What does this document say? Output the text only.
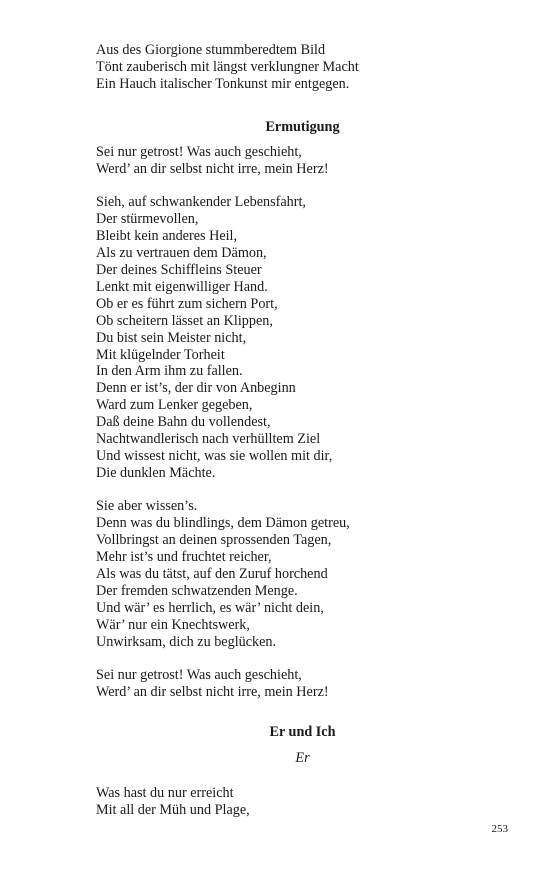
Aus des Giorgione stummberedtem Bild
Tönt zauberisch mit längst verklungner Macht
Ein Hauch italischer Tonkunst mir entgegen.
Ermutigung
Sei nur getrost! Was auch geschieht,
Werd’ an dir selbst nicht irre, mein Herz!
Sieh, auf schwankender Lebensfahrt,
Der stürmevollen,
Bleibt kein anderes Heil,
Als zu vertrauen dem Dämon,
Der deines Schiffleins Steuer
Lenkt mit eigenwilliger Hand.
Ob er es führt zum sichern Port,
Ob scheitern lässet an Klippen,
Du bist sein Meister nicht,
Mit klügelnder Torheit
In den Arm ihm zu fallen.
Denn er ist’s, der dir von Anbeginn
Ward zum Lenker gegeben,
Daß deine Bahn du vollendest,
Nachtwandlerisch nach verhülltem Ziel
Und wissest nicht, was sie wollen mit dir,
Die dunklen Mächte.
Sie aber wissen’s.
Denn was du blindlings, dem Dämon getreu,
Vollbringst an deinen sprossenden Tagen,
Mehr ist’s und fruchtet reicher,
Als was du tätst, auf den Zuruf horchend
Der fremden schwatzenden Menge.
Und wär’ es herrlich, es wär’ nicht dein,
Wär’ nur ein Knechtswerk,
Unwirksam, dich zu beglücken.
Sei nur getrost! Was auch geschieht,
Werd’ an dir selbst nicht irre, mein Herz!
Er und Ich
Er
Was hast du nur erreicht
Mit all der Müh und Plage,
253
